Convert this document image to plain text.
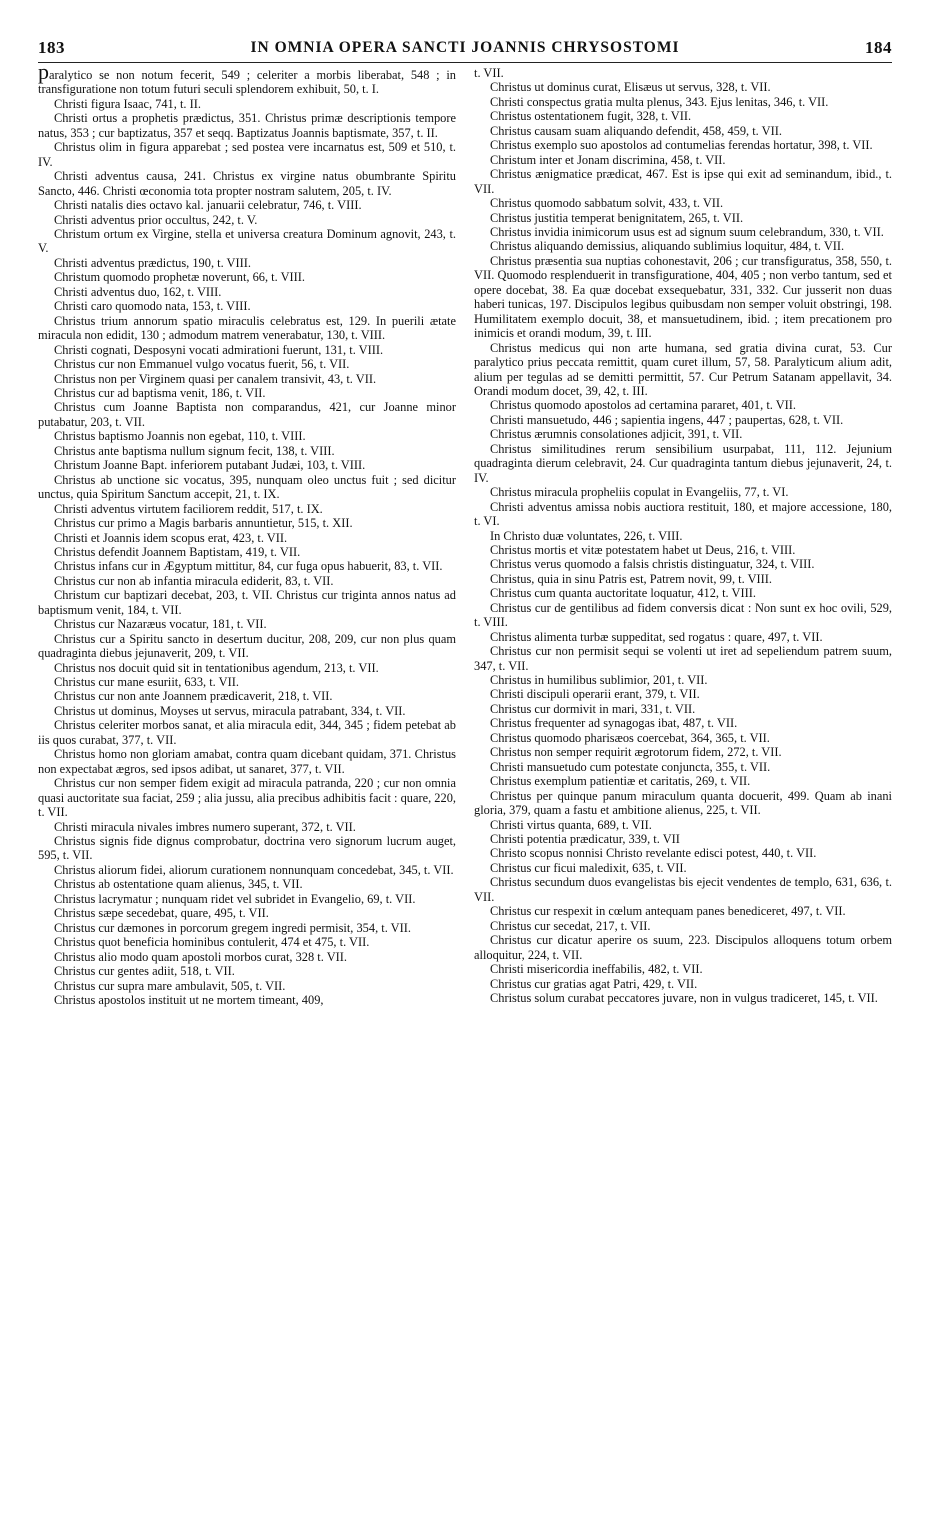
183	IN OMNIA OPERA SANCTI JOANNIS CHRYSOSTOMI	184

paralytico se non notum fecerit, 549 ; celeriter a morbis liberabat, 548 ; in transfiguratione non totum futuri seculi splendorem exhibuit, 50, t. I.

Christi figura Isaac, 741, t. II.

Christi ortus a prophetis prædictus, 351. Christus primæ descriptionis tempore natus, 353 ; cur baptizatus, 357 et seqq. Baptizatus Joannis baptismate, 357, t. II.

Christus olim in figura apparebat ; sed postea vere incarnatus est, 509 et 510, t. IV.

Christi adventus causa, 241. Christus ex virgine natus obumbrante Spiritu Sancto, 446. Christi œconomia tota propter nostram salutem, 205, t. IV.

Christi natalis dies octavo kal. januarii celebratur, 746, t. VIII.

Christi adventus prior occultus, 242, t. V.

Christum ortum ex Virgine, stella et universa creatura Dominum agnovit, 243, t. V.

Christi adventus prædictus, 190, t. VIII.

Christum quomodo prophetæ noverunt, 66, t. VIII.

Christi adventus duo, 162, t. VIII.

Christi caro quomodo nata, 153, t. VIII.

Christus trium annorum spatio miraculis celebratus est, 129. In puerili ætate miracula non edidit, 130 ; admodum matrem venerabatur, 130, t. VIII.

Christi cognati, Desposyni vocati admirationi fuerunt, 131, t. VIII.

Christus cur non Emmanuel vulgo vocatus fuerit, 56, t. VII.

Christus non per Virginem quasi per canalem transivit, 43, t. VII.

Christus cur ad baptisma venit, 186, t. VII.

Christus cum Joanne Baptista non comparandus, 421, cur Joanne minor putabatur, 203, t. VII.

Christus baptismo Joannis non egebat, 110, t. VIII.

Christus ante baptisma nullum signum fecit, 138, t. VIII.

Christum Joanne Bapt. inferiorem putabant Judæi, 103, t. VIII.

Christus ab unctione sic vocatus, 395, nunquam oleo unctus fuit ; sed dicitur unctus, quia Spiritum Sanctum accepit, 21, t. IX.

Christi adventus virtutem faciliorem reddit, 517, t. IX.

Christus cur primo a Magis barbaris annuntietur, 515, t. XII.

Christi et Joannis idem scopus erat, 423, t. VII.

Christus defendit Joannem Baptistam, 419, t. VII.

Christus infans cur in Ægyptum mittitur, 84, cur fuga opus habuerit, 83, t. VII.

Christus cur non ab infantia miracula ediderit, 83, t. VII.

Christum cur baptizari decebat, 203, t. VII. Christus cur triginta annos natus ad baptismum venit, 184, t. VII.

Christus cur Nazaræus vocatur, 181, t. VII.

Christus cur a Spiritu sancto in desertum ducitur, 208, 209, cur non plus quam quadraginta diebus jejunaverit, 209, t. VII.

Christus nos docuit quid sit in tentationibus agendum, 213, t. VII.

Christus cur mane esuriit, 633, t. VII.

Christus cur non ante Joannem prædicaverit, 218, t. VII.

Christus ut dominus, Moyses ut servus, miracula patrabant, 334, t. VII.

Christus celeriter morbos sanat, et alia miracula edit, 344, 345 ; fidem petebat ab iis quos curabat, 377, t. VII.

Christus homo non gloriam amabat, contra quam dicebant quidam, 371. Christus non expectabat ægros, sed ipsos adibat, ut sanaret, 377, t. VII.

Christus cur non semper fidem exigit ad miracula patranda, 220 ; cur non omnia quasi auctoritate sua faciat, 259 ; alia jussu, alia precibus adhibitis facit : quare, 220, t. VII.

Christi miracula nivales imbres numero superant, 372, t. VII.

Christus signis fide dignus comprobatur, doctrina vero signorum lucrum auget, 595, t. VII.

Christus aliorum fidei, aliorum curationem nonnunquam concedebat, 345, t. VII.

Christus ab ostentatione quam alienus, 345, t. VII.

Christus lacrymatur ; nunquam ridet vel subridet in Evangelio, 69, t. VII.

Christus sæpe secedebat, quare, 495, t. VII.

Christus cur dæmones in porcorum gregem ingredi permisit, 354, t. VII.

Christus quot beneficia hominibus contulerit, 474 et 475, t. VII.

Christus alio modo quam apostoli morbos curat, 328 t. VII.

Christus cur gentes adiit, 518, t. VII.

Christus cur supra mare ambulavit, 505, t. VII.

Christus apostolos instituit ut ne mortem timeant, 409,

t. VII.

Christus ut dominus curat, Elisæus ut servus, 328, t. VII.

Christi conspectus gratia multa plenus, 343. Ejus lenitas, 346, t. VII.

Christus ostentationem fugit, 328, t. VII.

Christus causam suam aliquando defendit, 458, 459, t. VII.

Christus exemplo suo apostolos ad contumelias ferendas hortatur, 398, t. VII.

Christum inter et Jonam discrimina, 458, t. VII.

Christus ænigmatice prædicat, 467. Est is ipse qui exit ad seminandum, ibid., t. VII.

Christus quomodo sabbatum solvit, 433, t. VII.

Christus justitia temperat benignitatem, 265, t. VII.

Christus invidia inimicorum usus est ad signum suum celebrandum, 330, t. VII.

Christus aliquando demissius, aliquando sublimius loquitur, 484, t. VII.

Christus præsentia sua nuptias cohonestavit, 206 ; cur transfiguratus, 358, 550, t. VII. Quomodo resplenduerit in transfiguratione, 404, 405 ; non verbo tantum, sed et opere docebat, 38. Ea quæ docebat exsequebatur, 331, 332. Cur jusserit non duas haberi tunicas, 197. Discipulos legibus quibusdam non semper voluit obstringi, 198. Humilitatem exemplo docuit, 38, et mansuetudinem, ibid. ; item precationem pro inimicis et orandi modum, 39, t. III.

Christus medicus qui non arte humana, sed gratia divina curat, 53. Cur paralytico prius peccata remittit, quam curet illum, 57, 58. Paralyticum alium adit, alium per tegulas ad se demitti permittit, 57. Cur Petrum Satanam appellavit, 34. Orandi modum docet, 39, 42, t. III.

Christus quomodo apostolos ad certamina pararet, 401, t. VII.

Christi mansuetudo, 446 ; sapientia ingens, 447 ; paupertas, 628, t. VII.

Christus ærumnis consolationes adjicit, 391, t. VII.

Christus similitudines rerum sensibilium usurpabat, 111, 112. Jejunium quadraginta dierum celebravit, 24. Cur quadraginta tantum diebus jejunaverit, 24, t. IV.

Christus miracula propheliis copulat in Evangeliis, 77, t. VI.

Christi adventus amissa nobis auctiora restituit, 180, et majore accessione, 180, t. VI.

In Christo duæ voluntates, 226, t. VIII.

Christus mortis et vitæ potestatem habet ut Deus, 216, t. VIII.

Christus verus quomodo a falsis christis distinguatur, 324, t. VIII.

Christus, quia in sinu Patris est, Patrem novit, 99, t. VIII.

Christus cum quanta auctoritate loquatur, 412, t. VIII.

Christus cur de gentilibus ad fidem conversis dicat : Non sunt ex hoc ovili, 529, t. VIII.

Christus alimenta turbæ suppeditat, sed rogatus : quare, 497, t. VII.

Christus cur non permisit sequi se volenti ut iret ad sepeliendum patrem suum, 347, t. VII.

Christus in humilibus sublimior, 201, t. VII.

Christi discipuli operarii erant, 379, t. VII.

Christus cur dormivit in mari, 331, t. VII.

Christus frequenter ad synagogas ibat, 487, t. VII.

Christus quomodo pharisæos coercebat, 364, 365, t. VII.

Christus non semper requirit ægrotorum fidem, 272, t. VII.

Christi mansuetudo cum potestate conjuncta, 355, t. VII.

Christus exemplum patientiæ et caritatis, 269, t. VII.

Christus per quinque panum miraculum quanta docuerit, 499. Quam ab inani gloria, 379, quam a fastu et ambitione alienus, 225, t. VII.

Christi virtus quanta, 689, t. VII.

Christi potentia prædicatur, 339, t. VII

Christo scopus nonnisi Christo revelante edisci potest, 440, t. VII.

Christus cur ficui maledixit, 635, t. VII.

Christus secundum duos evangelistas bis ejecit vendentes de templo, 631, 636, t. VII.

Christus cur respexit in cœlum antequam panes benediceret, 497, t. VII.

Christus cur secedat, 217, t. VII.

Christus cur dicatur aperire os suum, 223. Discipulos alloquens totum orbem alloquitur, 224, t. VII.

Christi misericordia ineffabilis, 482, t. VII.

Christus cur gratias agat Patri, 429, t. VII.

Christus solum curabat peccatores juvare, non in vulgus tradiceret, 145, t. VII.
